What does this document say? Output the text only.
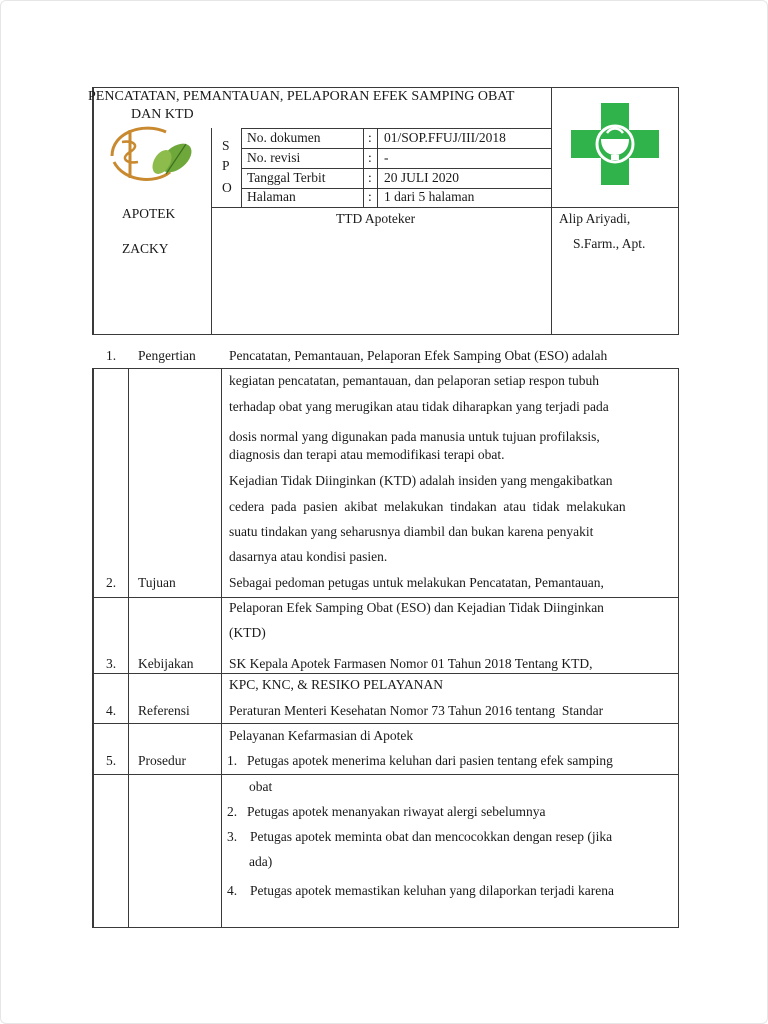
PENCATATAN, PEMANTAUAN, PELAPORAN EFEK SAMPING OBAT
DAN KTD
S
P
O
No. dokumen	: 01/SOP.FFUJ/III/2018
No. revisi	: -
Tanggal Terbit	: 20 JULI 2020
Halaman	: 1 dari 5 halaman
APOTEK
ZACKY
TTD Apoteker	Alip Ariyadi,
S.Farm., Apt.
1. Pengertian Pencatatan, Pemantauan, Pelaporan Efek Samping Obat (ESO) adalah
kegiatan pencatatan, pemantauan, dan pelaporan setiap respon tubuh
terhadap obat yang merugikan atau tidak diharapkan yang terjadi pada
dosis normal yang digunakan pada manusia untuk tujuan profilaksis,
diagnosis dan terapi atau memodifikasi terapi obat.
Kejadian Tidak Diinginkan (KTD) adalah insiden yang mengakibatkan
cedera  pada  pasien  akibat  melakukan  tindakan  atau  tidak  melakukan
suatu tindakan yang seharusnya diambil dan bukan karena penyakit
dasarnya atau kondisi pasien.
2. Tujuan	Sebagai pedoman petugas untuk melakukan Pencatatan, Pemantauan,
Pelaporan Efek Samping Obat (ESO) dan Kejadian Tidak Diinginkan
(KTD)
3. Kebijakan	SK Kepala Apotek Farmasen Nomor 01 Tahun 2018 Tentang KTD,
KPC, KNC, & RESIKO PELAYANAN
4. Referensi	Peraturan Menteri Kesehatan Nomor 73 Tahun 2016 tentang  Standar
Pelayanan Kefarmasian di Apotek
5. Prosedur	1. Petugas apotek menerima keluhan dari pasien tentang efek samping
obat
2. Petugas apotek menanyakan riwayat alergi sebelumnya
3. Petugas apotek meminta obat dan mencocokkan dengan resep (jika
ada)
4. Petugas apotek memastikan keluhan yang dilaporkan terjadi karena
